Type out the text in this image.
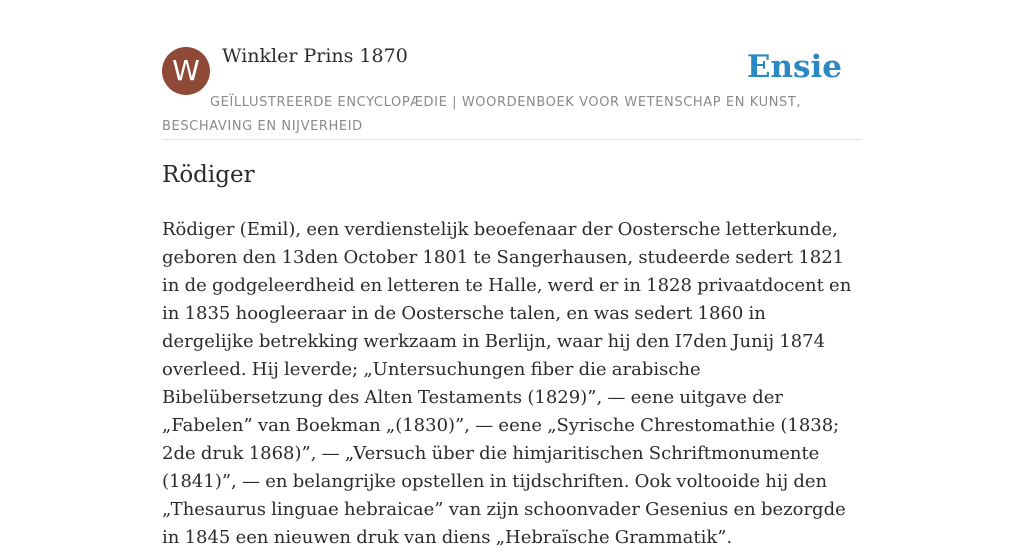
W	Winkler Prins 1870	Ensie
GEÏLLUSTREERDE ENCYCLOPÆDIE | WOORDENBOEK VOOR WETENSCHAP EN KUNST, BESCHAVING EN NIJVERHEID
Rödiger

Rödiger (Emil), een verdienstelijk beoefenaar der Oostersche letterkunde, geboren den 13den October 1801 te Sangerhausen, studeerde sedert 1821 in de godgeleerdheid en letteren te Halle, werd er in 1828 privaatdocent en in 1835 hoogleeraar in de Oostersche talen, en was sedert 1860 in dergelijke betrekking werkzaam in Berlijn, waar hij den I7den Junij 1874 overleed. Hij leverde; „Untersuchungen fiber die arabische Bibelübersetzung des Alten Testaments (1829)”, — eene uitgave der „Fabelen” van Boekman „(1830)”, — eene „Syrische Chrestomathie (1838; 2de druk 1868)”, — „Versuch über die himjaritischen Schriftmonumente (1841)”, — en belangrijke opstellen in tijdschriften. Ook voltooide hij den „Thesaurus linguae hebraicae” van zijn schoonvader Gesenius en bezorgde in 1845 een nieuwen druk van diens „Hebraïsche Grammatik”.
